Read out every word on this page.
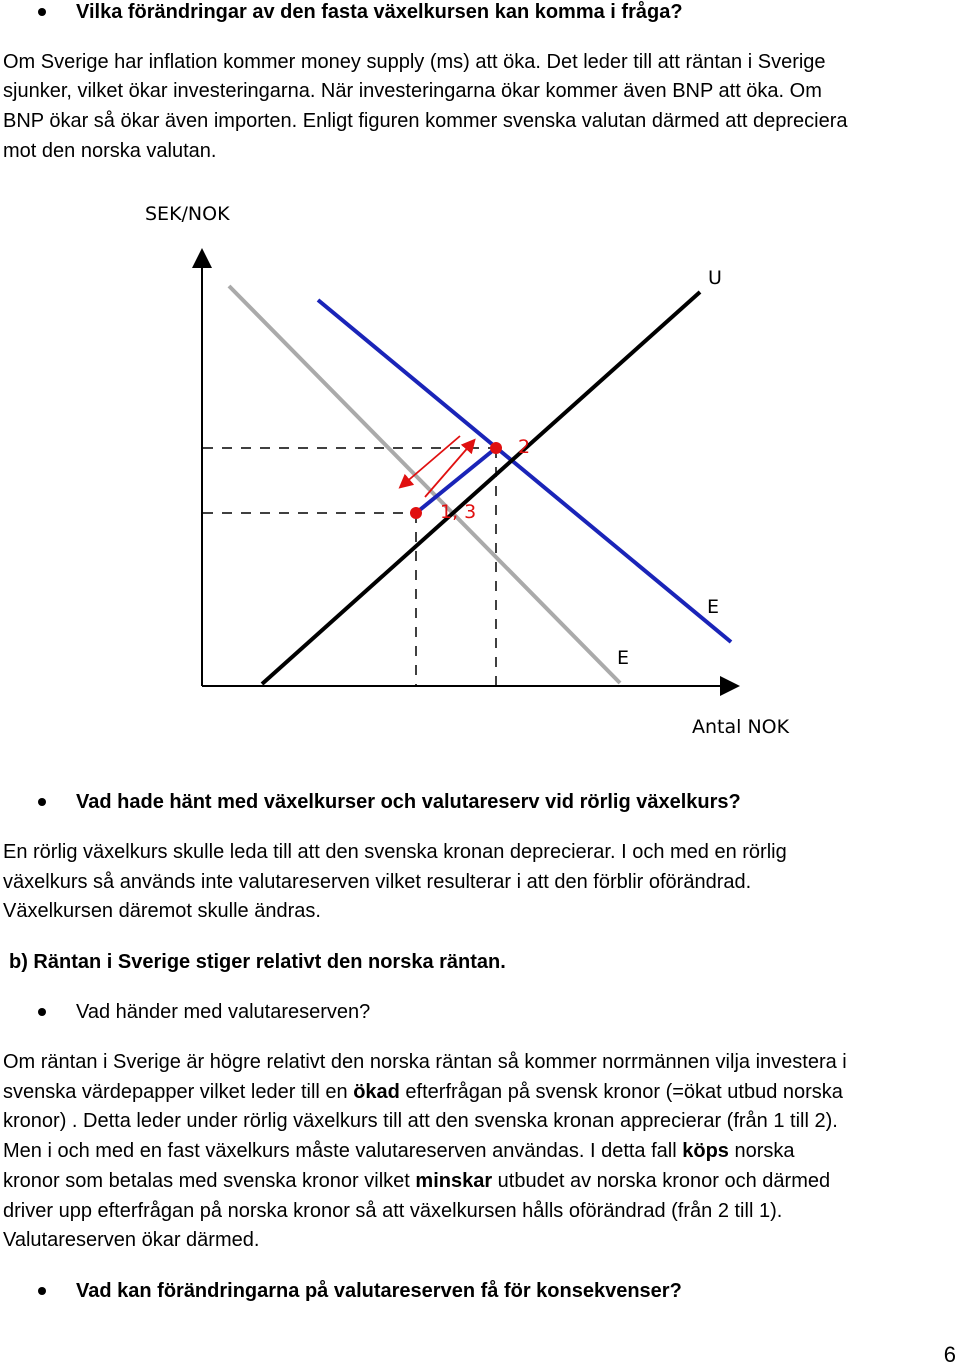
Vilka förändringar av den fasta växelkursen kan komma i fråga?
Om Sverige har inflation kommer money supply (ms) att öka. Det leder till att räntan i Sverige
sjunker, vilket ökar investeringarna. När investeringarna ökar kommer även BNP att öka. Om
BNP ökar så ökar även importen. Enligt figuren kommer svenska valutan därmed att depreciera
mot den norska valutan.
SEK/NOK
Antal NOK
U
E
E
2
1, 3
Vad hade hänt med växelkurser och valutareserv vid rörlig växelkurs?
En rörlig växelkurs skulle leda till att den svenska kronan deprecierar. I och med en rörlig
växelkurs så används inte valutareserven vilket resulterar i att den förblir oförändrad.
Växelkursen däremot skulle ändras.
b) Räntan i Sverige stiger relativt den norska räntan.
Vad händer med valutareserven?
Om räntan i Sverige är högre relativt den norska räntan så kommer norrmännen vilja investera i
svenska värdepapper vilket leder till en ökad efterfrågan på svensk kronor (=ökat utbud norska
kronor) . Detta leder under rörlig växelkurs till att den svenska kronan apprecierar (från 1 till 2).
Men i och med en fast växelkurs måste valutareserven användas. I detta fall köps norska
kronor som betalas med svenska kronor vilket minskar utbudet av norska kronor och därmed
driver upp efterfrågan på norska kronor så att växelkursen hålls oförändrad (från 2 till 1).
Valutareserven ökar därmed.
Vad kan förändringarna på valutareserven få för konsekvenser?
6
